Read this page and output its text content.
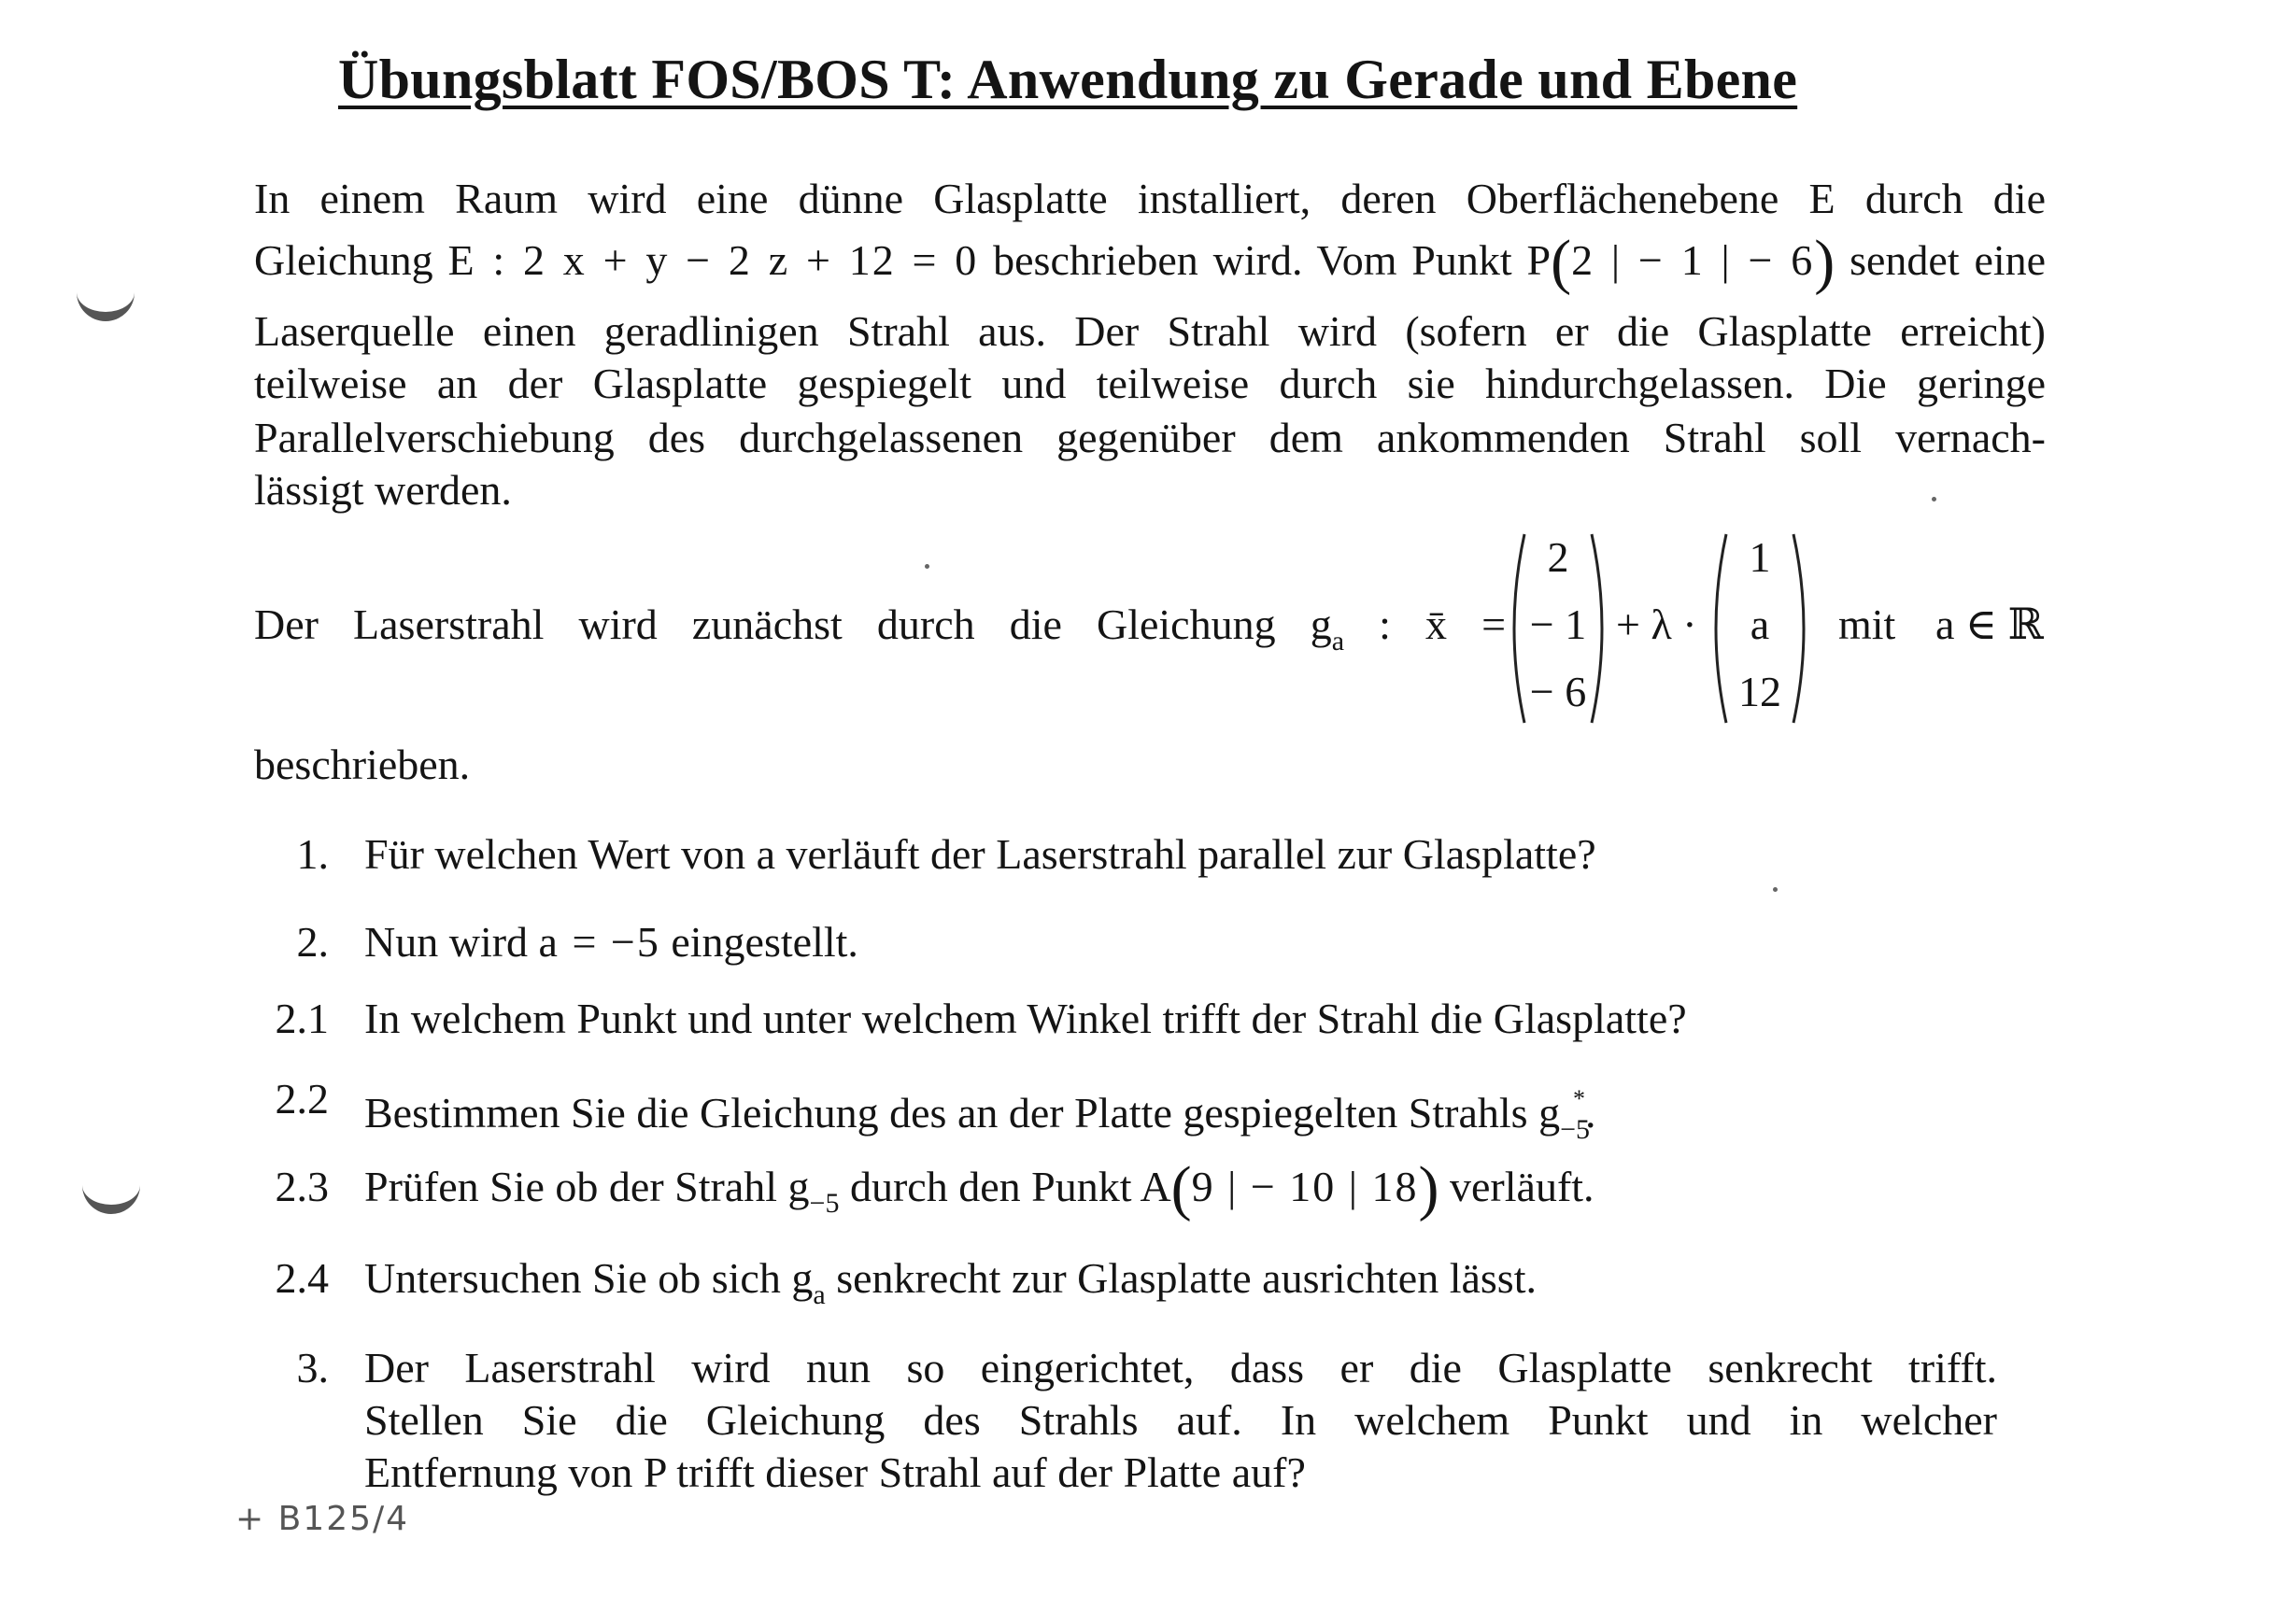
Übungsblatt FOS/BOS T: Anwendung zu Gerade und Ebene
In einem Raum wird eine dünne Glasplatte installiert, deren Oberflächenebene E durch die
Gleichung E : 2 x + y − 2 z + 12 = 0 beschrieben wird. Vom Punkt P(2 | − 1 | − 6) sendet eine
Laserquelle einen geradlinigen Strahl aus. Der Strahl wird (sofern er die Glasplatte erreicht)
teilweise an der Glasplatte gespiegelt und teilweise durch sie hindurchgelassen. Die geringe
Parallelverschiebung des durchgelassenen gegenüber dem ankommenden Strahl soll vernach-
lässigt werden.
Der Laserstrahl wird zunächst durch die Gleichung $g_a$ : x̄ =
2
− 1
− 6
+ λ ·
1
a
12
mit a ∈ ℝ
beschrieben.
1. Für welchen Wert von a verläuft der Laserstrahl parallel zur Glasplatte?
2. Nun wird a = −5 eingestellt.
2.1 In welchem Punkt und unter welchem Winkel trifft der Strahl die Glasplatte?
2.2 Bestimmen Sie die Gleichung des an der Platte gespiegelten Strahls $g_{-5}^*$.
2.3 Prüfen Sie ob der Strahl $g_{-5}$ durch den Punkt A(9 | − 10 | 18) verläuft.
2.4 Untersuchen Sie ob sich $g_a$ senkrecht zur Glasplatte ausrichten lässt.
3. Der Laserstrahl wird nun so eingerichtet, dass er die Glasplatte senkrecht trifft.
Stellen Sie die Gleichung des Strahls auf. In welchem Punkt und in welcher
Entfernung von P trifft dieser Strahl auf der Platte auf?
+ B125/4
